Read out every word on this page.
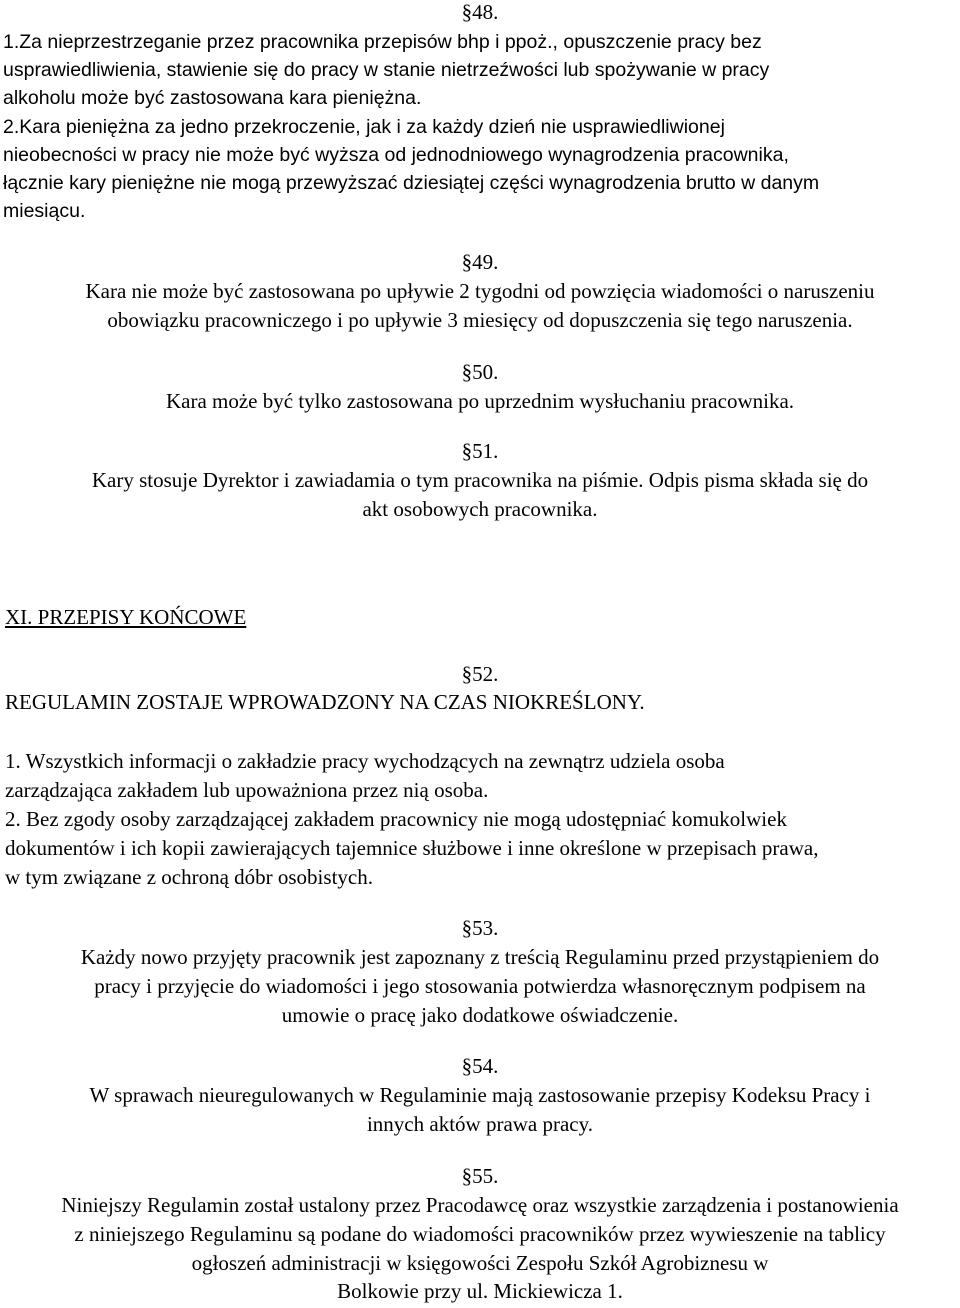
§48.
1.Za nieprzestrzeganie przez pracownika przepisów bhp i ppoż., opuszczenie pracy bez
usprawiedliwienia, stawienie się do pracy w stanie nietrzeźwości lub spożywanie w pracy
alkoholu może być zastosowana kara pieniężna.
2.Kara pieniężna za jedno przekroczenie, jak i za każdy dzień nie usprawiedliwionej
nieobecności w pracy nie może być wyższa od jednodniowego wynagrodzenia pracownika,
łącznie kary pieniężne nie mogą przewyższać dziesiątej części wynagrodzenia brutto w danym
miesiącu.
§49.
Kara nie może być zastosowana po upływie 2 tygodni od powzięcia wiadomości o naruszeniu
obowiązku pracowniczego i po upływie 3 miesięcy od dopuszczenia się tego naruszenia.
§50.
Kara może być tylko zastosowana po uprzednim wysłuchaniu pracownika.
§51.
Kary stosuje Dyrektor i zawiadamia o tym pracownika na piśmie. Odpis pisma składa się do
akt osobowych pracownika.
XI. PRZEPISY KOŃCOWE
§52.
REGULAMIN ZOSTAJE WPROWADZONY NA CZAS NIOKREŚLONY.
1. Wszystkich informacji o zakładzie pracy wychodzących na zewnątrz udziela osoba
zarządzająca zakładem lub upoważniona przez nią osoba.
2. Bez zgody osoby zarządzającej zakładem pracownicy nie mogą udostępniać komukolwiek
dokumentów i ich kopii zawierających tajemnice służbowe i inne określone w przepisach prawa,
w tym związane z ochroną dóbr osobistych.
§53.
Każdy nowo przyjęty pracownik jest zapoznany z treścią Regulaminu przed przystąpieniem do
pracy i przyjęcie do wiadomości i jego stosowania potwierdza własnoręcznym podpisem na
umowie o pracę jako dodatkowe oświadczenie.
§54.
W sprawach nieuregulowanych w Regulaminie mają zastosowanie przepisy Kodeksu Pracy i
innych aktów prawa pracy.
§55.
Niniejszy Regulamin został ustalony przez Pracodawcę oraz wszystkie zarządzenia i postanowienia
z niniejszego Regulaminu są podane do wiadomości pracowników przez wywieszenie na tablicy
ogłoszeń administracji w księgowości Zespołu Szkół Agrobiznesu w
Bolkowie przy ul. Mickiewicza 1.
